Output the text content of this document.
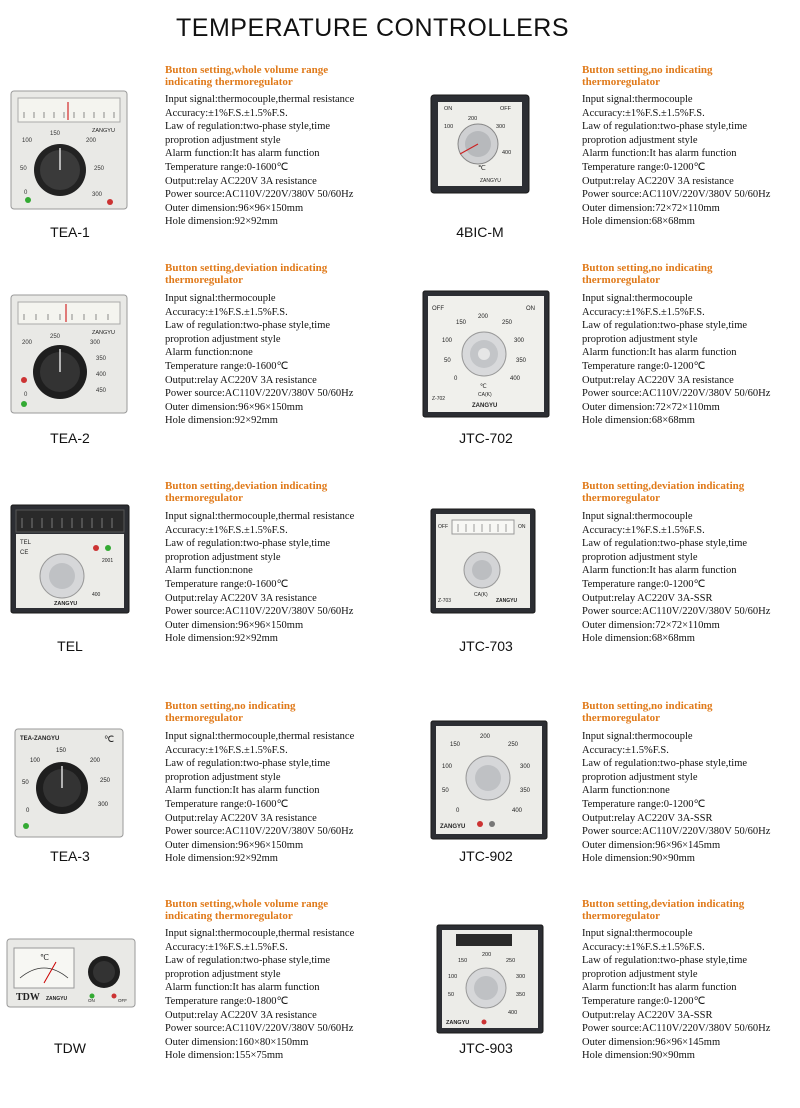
TEMPERATURE CONTROLLERS
ZANGYU
100
150
200
250
300
50
0
TEA-1
Button setting,whole volume range
indicating thermoregulator
Input signal:thermocouple,thermal resistance
Accuracy:±1%F.S.±1.5%F.S.
Law of regulation:two-phase style,time
proprotion adjustment style
Alarm function:It has alarm function
Temperature range:0-1600℃
Output:relay AC220V 3A resistance
Power source:AC110V/220V/380V 50/60Hz
Outer dimension:96×96×150mm
Hole dimension:92×92mm
ON	OFF
200
300
100
400
℃
ZANGYU
4BIC-M
Button setting,no indicating
thermoregulator
Input signal:thermocouple
Accuracy:±1%F.S.±1.5%F.S.
Law of regulation:two-phase style,time
proprotion adjustment style
Alarm function:It has alarm function
Temperature range:0-1200℃
Output:relay AC220V 3A resistance
Power source:AC110V/220V/380V 50/60Hz
Outer dimension:72×72×110mm
Hole dimension:68×68mm
ZANGYU
200
250
300
350
400
450
0
TEA-2
Button setting,deviation indicating
thermoregulator
Input signal:thermocouple
Accuracy:±1%F.S.±1.5%F.S.
Law of regulation:two-phase style,time
proprotion adjustment style
Alarm function:none
Temperature range:0-1600℃
Output:relay AC220V 3A resistance
Power source:AC110V/220V/380V 50/60Hz
Outer dimension:96×96×150mm
Hole dimension:92×92mm
OFF	ON
200
250
300
150
100
350
50
400
0
℃
Z-702
CA(K)
ZANGYU
JTC-702
Button setting,no indicating
thermoregulator
Input signal:thermocouple
Accuracy:±1%F.S.±1.5%F.S.
Law of regulation:two-phase style,time
proprotion adjustment style
Alarm function:It has alarm function
Temperature range:0-1200℃
Output:relay AC220V 3A resistance
Power source:AC110V/220V/380V 50/60Hz
Outer dimension:72×72×110mm
Hole dimension:68×68mm
TEL
CE
2001
400
ZANGYU
TEL
Button setting,deviation indicating
thermoregulator
Input signal:thermocouple,thermal resistance
Accuracy:±1%F.S.±1.5%F.S.
Law of regulation:two-phase style,time
proprotion adjustment style
Alarm function:none
Temperature range:0-1600℃
Output:relay AC220V 3A resistance
Power source:AC110V/220V/380V 50/60Hz
Outer dimension:96×96×150mm
Hole dimension:92×92mm
OFF	ON
Z-703
CA(K)
ZANGYU
JTC-703
Button setting,deviation indicating
thermoregulator
Input signal:thermocouple
Accuracy:±1%F.S.±1.5%F.S.
Law of regulation:two-phase style,time
proprotion adjustment style
Alarm function:It has alarm function
Temperature range:0-1200℃
Output:relay AC220V 3A-SSR
Power source:AC110V/220V/380V 50/60Hz
Outer dimension:72×72×110mm
Hole dimension:68×68mm
TEA-ZANGYU	℃
150
100	200
250
50
300
0
TEA-3
Button setting,no indicating
thermoregulator
Input signal:thermocouple,thermal resistance
Accuracy:±1%F.S.±1.5%F.S.
Law of regulation:two-phase style,time
proprotion adjustment style
Alarm function:It has alarm function
Temperature range:0-1600℃
Output:relay AC220V 3A resistance
Power source:AC110V/220V/380V 50/60Hz
Outer dimension:96×96×150mm
Hole dimension:92×92mm
200
150	250
100	300
50	350
0	400
ZANGYU
JTC-902
Button setting,no indicating
thermoregulator
Input signal:thermocouple
Accuracy:±1.5%F.S.
Law of regulation:two-phase style,time
proprotion adjustment style
Alarm function:none
Temperature range:0-1200℃
Output:relay AC220V 3A-SSR
Power source:AC110V/220V/380V 50/60Hz
Outer dimension:96×96×145mm
Hole dimension:90×90mm
℃
TDW ZANGYU	ON	OFF
TDW
Button setting,whole volume range
indicating thermoregulator
Input signal:thermocouple,thermal resistance
Accuracy:±1%F.S.±1.5%F.S.
Law of regulation:two-phase style,time
proprotion adjustment style
Alarm function:It has alarm function
Temperature range:0-1800℃
Output:relay AC220V 3A resistance
Power source:AC110V/220V/380V 50/60Hz
Outer dimension:160×80×150mm
Hole dimension:155×75mm
200
150	250
100	300
50	350
400
ZANGYU
JTC-903
Button setting,deviation indicating
thermoregulator
Input signal:thermocouple
Accuracy:±1%F.S.±1.5%F.S.
Law of regulation:two-phase style,time
proprotion adjustment style
Alarm function:It has alarm function
Temperature range:0-1200℃
Output:relay AC220V 3A-SSR
Power source:AC110V/220V/380V 50/60Hz
Outer dimension:96×96×145mm
Hole dimension:90×90mm
